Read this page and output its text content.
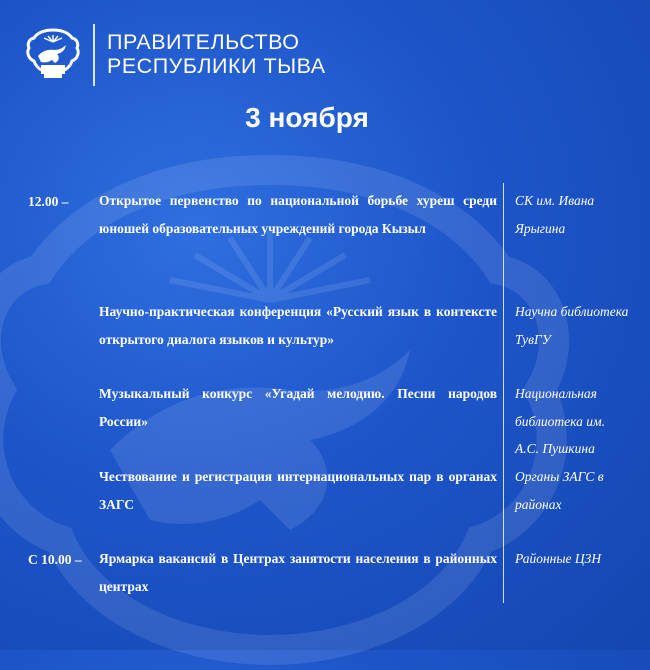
ПРАВИТЕЛЬСТВО
РЕСПУБЛИКИ ТЫВА
3 ноября
12.00 –	Открытое первенство по национальной борьбе хуреш среди юношей образовательных учреждений города Кызыл
СК им. Ивана
Ярыгина
Научно-практическая конференция «Русский язык в контексте открытого диалога языков и культур»
Научна библиотека
ТувГУ
Музыкальный конкурс «Угадай мелодию. Песни народов России»
Национальная
библиотека им.
А.С. Пушкина
Чествование и регистрация интернациональных пар в органах ЗАГС
Органы ЗАГС в
районах
С 10.00 –	Ярмарка вакансий в Центрах занятости населения в районных центрах
Районные ЦЗН
